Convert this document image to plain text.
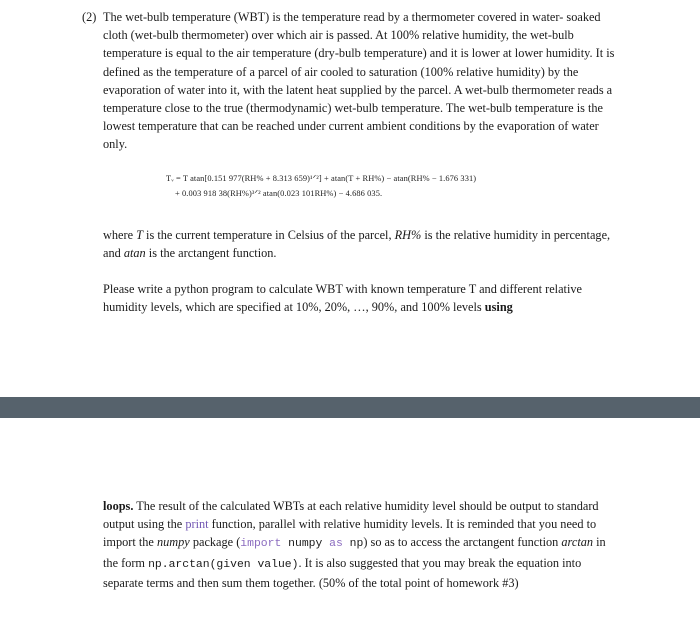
(2) The wet-bulb temperature (WBT) is the temperature read by a thermometer covered in water- soaked cloth (wet-bulb thermometer) over which air is passed. At 100% relative humidity, the wet-bulb temperature is equal to the air temperature (dry-bulb temperature) and it is lower at lower humidity. It is defined as the temperature of a parcel of air cooled to saturation (100% relative humidity) by the evaporation of water into it, with the latent heat supplied by the parcel. A wet-bulb thermometer reads a temperature close to the true (thermodynamic) wet-bulb temperature. The wet-bulb temperature is the lowest temperature that can be reached under current ambient conditions by the evaporation of water only.
Tᵥ = T atan[0.151 977(RH% + 8.313 659)¹ᐟ²] + atan(T + RH%) − atan(RH% − 1.676 331)
+ 0.003 918 38(RH%)³ᐟ² atan(0.023 101RH%) − 4.686 035.
where T is the current temperature in Celsius of the parcel, RH% is the relative humidity in percentage, and atan is the arctangent function.
Please write a python program to calculate WBT with known temperature T and different relative humidity levels, which are specified at 10%, 20%, …, 90%, and 100% levels using
loops. The result of the calculated WBTs at each relative humidity level should be output to standard output using the print function, parallel with relative humidity levels. It is reminded that you need to import the numpy package (import numpy as np) so as to access the arctangent function arctan in the form np.arctan(given value). It is also suggested that you may break the equation into separate terms and then sum them together. (50% of the total point of homework #3)
